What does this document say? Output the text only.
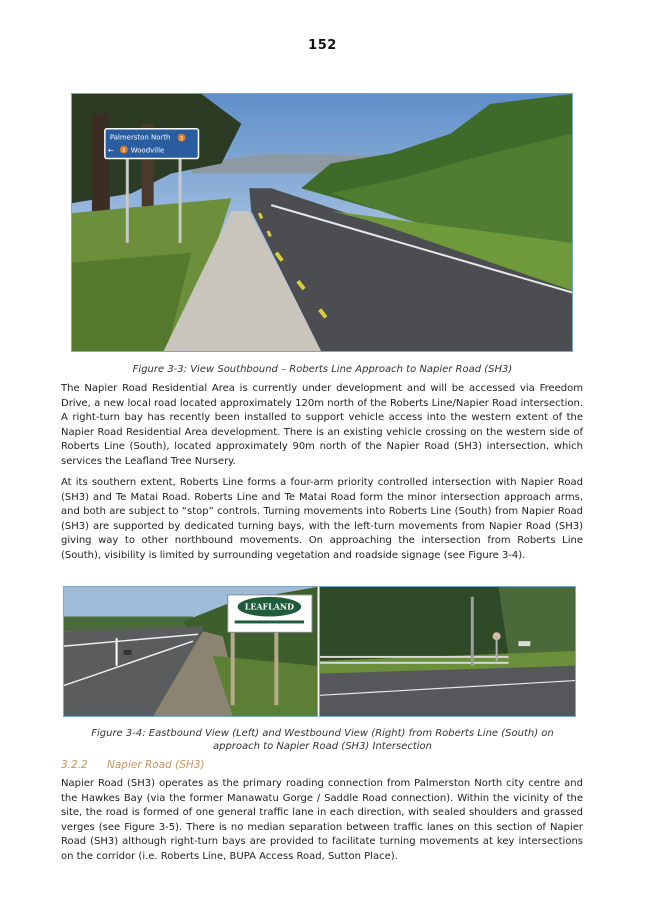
152
Palmerston North 3
← 3 Woodville
Figure 3-3: View Southbound – Roberts Line Approach to Napier Road (SH3)

The Napier Road Residential Area is currently under development and will be accessed via Freedom Drive, a new local road located approximately 120m north of the Roberts Line/Napier Road intersection. A right-turn bay has recently been installed to support vehicle access into the western extent of the Napier Road Residential Area development. There is an existing vehicle crossing on the western side of Roberts Line (South), located approximately 90m north of the Napier Road (SH3) intersection, which services the Leafland Tree Nursery.

At its southern extent, Roberts Line forms a four-arm priority controlled intersection with Napier Road (SH3) and Te Matai Road. Roberts Line and Te Matai Road form the minor intersection approach arms, and both are subject to “stop” controls. Turning movements into Roberts Line (South) from Napier Road (SH3) are supported by dedicated turning bays, with the left-turn movements from Napier Road (SH3) giving way to other northbound movements. On approaching the intersection from Roberts Line (South), visibility is limited by surrounding vegetation and roadside signage (see Figure 3-4).

LEAFLAND
Figure 3-4: Eastbound View (Left) and Westbound View (Right) from Roberts Line (South) on
approach to Napier Road (SH3) Intersection
3.2.2 Napier Road (SH3)

Napier Road (SH3) operates as the primary roading connection from Palmerston North city centre and the Hawkes Bay (via the former Manawatu Gorge / Saddle Road connection). Within the vicinity of the site, the road is formed of one general traffic lane in each direction, with sealed shoulders and grassed verges (see Figure 3-5). There is no median separation between traffic lanes on this section of Napier Road (SH3) although right-turn bays are provided to facilitate turning movements at key intersections on the corridor (i.e. Roberts Line, BUPA Access Road, Sutton Place).
